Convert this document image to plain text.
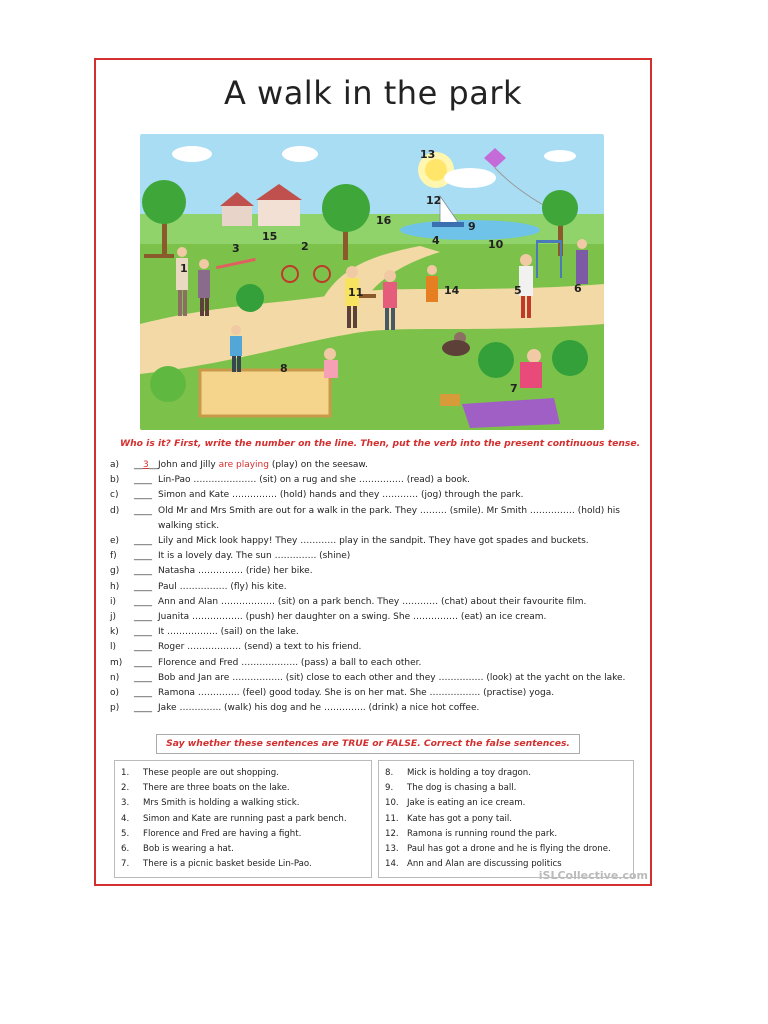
A walk in the park
1
2
3
4
5	6
7
8
9
10
11
12
13
14
15
16
Who is it? First, write the number on the line. Then, put the verb into the present continuous tense.
a)	__3__ John and Jilly are playing (play) on the seesaw.
b)	____ Lin-Pao ………………… (sit) on a rug and she …………… (read) a book.
c)	____ Simon and Kate …………… (hold) hands and they ………… (jog) through the park.
d)	____ Old Mr and Mrs Smith are out for a walk in the park. They ……… (smile). Mr Smith …………… (hold) his walking stick.
e)	____ Lily and Mick look happy! They ………… play in the sandpit. They have got spades and buckets.
f)	____ It is a lovely day. The sun ………….. (shine)
g)	____ Natasha …………… (ride) her bike.
h)	____ Paul ……………. (fly) his kite.
i)	____ Ann and Alan ……………… (sit) on a park bench. They ………… (chat) about their favourite film.
j)	____ Juanita …………….. (push) her daughter on a swing. She …………… (eat) an ice cream.
k)	____ It …………….. (sail) on the lake.
l)	____ Roger ……………… (send) a text to his friend.
m)	____ Florence and Fred ………………. (pass) a ball to each other.
n)	____ Bob and Jan are …………….. (sit) close to each other and they …………… (look) at the yacht on the lake.
o)	____ Ramona ………….. (feel) good today. She is on her mat. She …………….. (practise) yoga.
p)	____ Jake ………….. (walk) his dog and he ………….. (drink) a nice hot coffee.
Say whether these sentences are TRUE or FALSE. Correct the false sentences.
1. These people are out shopping.
2. There are three boats on the lake.
3. Mrs Smith is holding a walking stick.
4. Simon and Kate are running past a park bench.
5. Florence and Fred are having a fight.
6. Bob is wearing a hat.
7. There is a picnic basket beside Lin-Pao.
8. Mick is holding a toy dragon.
9. The dog is chasing a ball.
10. Jake is eating an ice cream.
11. Kate has got a pony tail.
12. Ramona is running round the park.
13. Paul has got a drone and he is flying the drone.
14. Ann and Alan are discussing politics
iSLCollective.com
